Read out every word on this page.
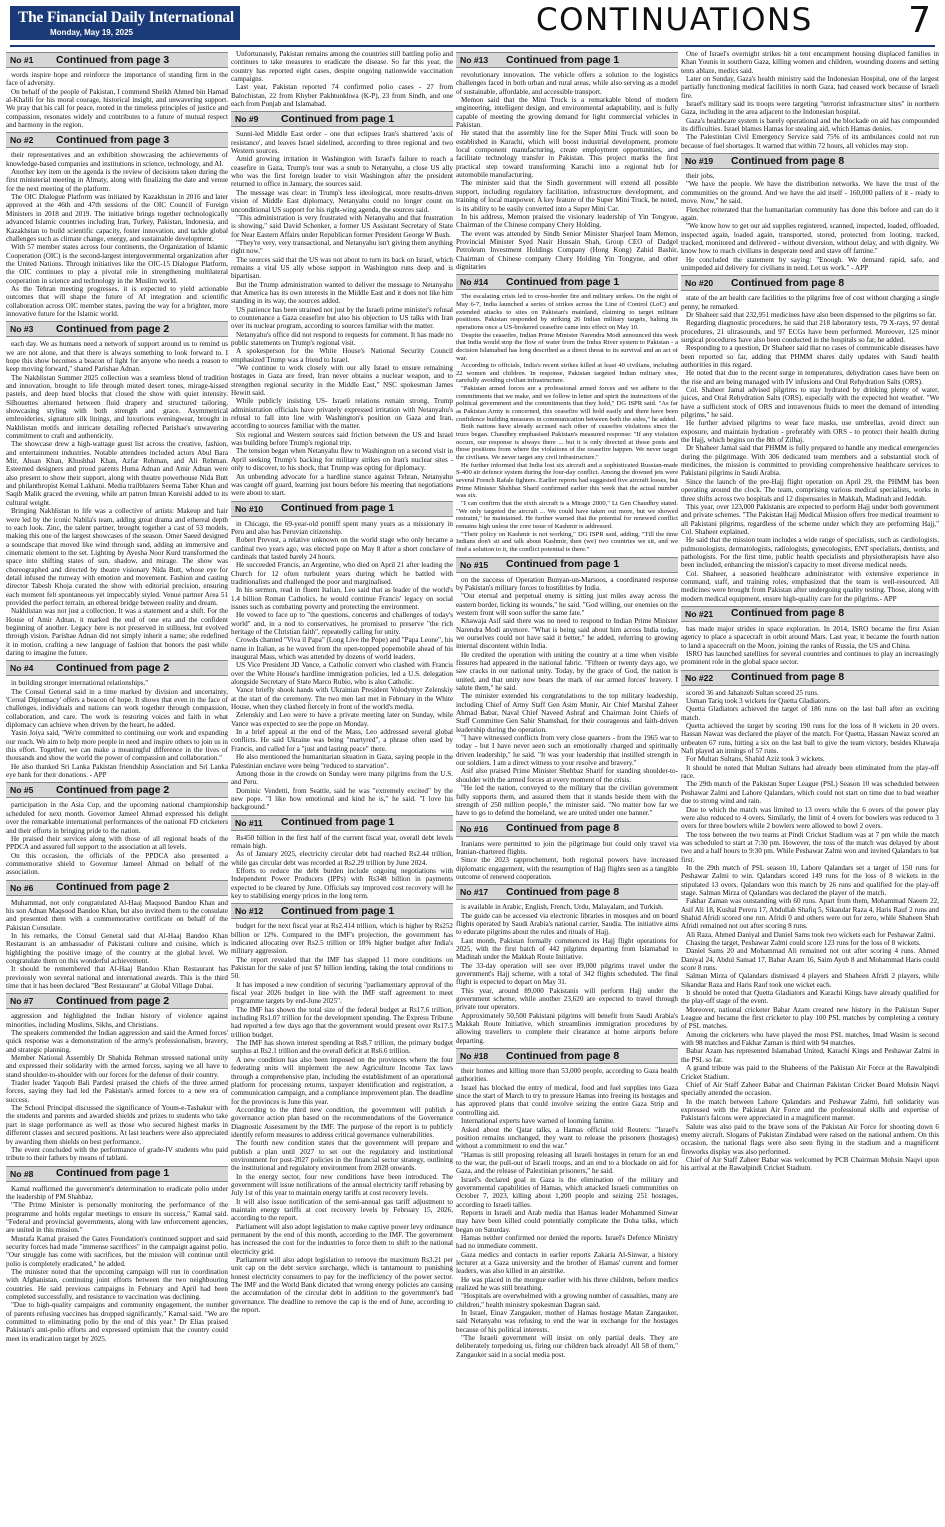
The Financial Daily International
Monday, May 19, 2025	CONTINUATIONS	7
No #1	Continued from page 3

words inspire hope and reinforce the importance of standing firm in the face of adversity.

On behalf of the people of Pakistan, I commend Sheikh Ahmed bin Hamad al-Khalili for his moral courage, historical insight, and unwavering support. We pray that his call for peace, rooted in the timeless principles of justice and compassion, resonates widely and contributes to a future of mutual respect and harmony in the region.

No #2	Continued from page 3

their representatives and an exhibition showcasing the achievements of knowledge-based companies and institutions in science, technology, and AI.

Another key item on the agenda is the review of decisions taken during the first ministerial meeting in Almaty, along with finalizing the date and venue for the next meeting of the platform.

The OIC Dialogue Platform was initiated by Kazakhstan in 2016 and later approved at the 46th and 47th sessions of the OIC Council of Foreign Ministers in 2018 and 2019. The initiative brings together technologically advanced Islamic countries including Iran, Turkey, Pakistan, Indonesia, and Kazakhstan to build scientific capacity, foster innovation, and tackle global challenges such as climate change, energy, and sustainable development.

With 57 member states across four continents, the Organization of Islamic Cooperation (OIC) is the second-largest intergovernmental organization after the United Nations. Through initiatives like the OIC-15 Dialogue Platform, the OIC continues to play a pivotal role in strengthening multilateral cooperation in science and technology in the Muslim world.

As the Tehran meeting progresses, it is expected to yield actionable outcomes that will shape the future of AI integration and scientific collaboration across OIC member states, paving the way for a brighter, more innovative future for the Islamic world.

No #3	Continued from page 2

each day. We as humans need a network of support around us to remind us we are not alone, and that there is always something to look forward to. I hope this show becomes a beacon of light for anyone who needs a reason to keep moving forward," shared Parishae Adnan.

The Nakhlistan Summer 2025 collection was a seamless blend of tradition and innovation, brought to life through muted desert tones, mirage-kissed pastels, and deep hued blocks that closed the show with quiet intensity. Silhouettes alternated between fluid drapery and structured tailoring, showcasing styling with both strength and grace. Asymmetrical embroideries, signature silk linings, and luxurious eveningwear, brought in Nakhlistan motifs and intricate detailing reflected Parishae's unwavering commitment to craft and authenticity.

The showcase drew a high-wattage guest list across the creative, fashion, and entertainment industries. Notable attendees included actors Abul Bara Mir, Ahsan Khan, Khushhal Khan, Azfar Rehman, and Ali Rehman. Esteemed designers and proud parents Huma Adnan and Amir Adnan were also present to show their support, along with theatre powerhouse Nida Butt and philanthropist Kemal Lakhani. Media trailblazers Seema Taher Khan and Saqib Malik graced the evening, while art patron Imran Kureishi added to its cultural weight.

Bringing Nakhlistan to life was a collective of artists: Makeup and hair were led by the iconic Nabila's team, adding great drama and ethereal depth to each look. Zinc, the talent partner, brought together a cast of 53 models, making this one of the largest showcases of the season. Omer Saeed designed a soundscape that moved like wind through sand, adding an immersive and cinematic element to the set. Lighting by Ayesha Noor Kurd transformed the space into shifting states of sun, shadow, and mirage. The show was choreographed and directed by theatre visionary Nida Butt, whose eye for detail infused the runway with emotion and movement. Fashion and casting director Tabesh Khoja curated the show with editorial precision, ensuring each moment felt spontaneous yet impeccably styled. Venue partner Area 51 provided the perfect terrain, an ethereal bridge between reality and dream.

Nakhlistan was not just a collection. It was a statement and a shift. For the House of Amir Adnan, it marked the end of one era and the confident beginning of another. Legacy here is not preserved in stillness, but evolved through vision. Parishae Adnan did not simply inherit a name; she redefined it in motion, crafting a new language of fashion that honors the past while daring to imagine the future.

No #4	Continued from page 2

in building stronger international relationships."

The Consul General said in a time marked by division and uncertainty, 'Cereal Diplomacy' offers a beacon of hope. It shows that even in the face of challenges, individuals and nations can work together through compassion, collaboration, and care. The work is restoring voices and faith in what diplomacy can achieve when driven by the heart, he added.

Yasin Joiya said, "We're committed to continuing our work and expanding our reach. We aim to help more people in need and inspire others to join us in this effort. Together, we can make a meaningful difference in the lives of thousands and show the world the power of compassion and collaboration."

He also thanked Sri Lanka Pakistan friendship Association and Sri Lanka eye bank for their donations. - APP

No #5	Continued from page 2

participation in the Asia Cup, and the upcoming national championship scheduled for next month. Governor Jameel Ahmad expressed his delight over the remarkable international performances of the national FD cricketers and their efforts in bringing pride to the nation.

He praised their services along with those of all regional heads of the PPDCA and assured full support to the association at all levels.

On this occasion, the officials of the PPDCA also presented a commemorative shield to Governor Jameel Ahmad on behalf of the association.

No #6	Continued from page 2

Muhammad, not only congratulated Al-Haaj Maqsood Bandoo Khan and his son Adnan Maqsood Bandoo Khan, but also invited them to the consulate and presented them with a commemorative certificate on behalf of the Pakistan Consulate.

In his remarks, the Consul General said that Al-Haaj Bandoo Khan Restaurant is an ambassador of Pakistani culture and cuisine, which is highlighting the positive image of the country at the global level. We congratulate them on this wonderful achievement.

It should be remembered that Al-Haaj Bandoo Khan Restaurant has previously won several national and international awards. This is the third time that it has been declared "Best Restaurant" at Global Village Dubai.

No #7	Continued from page 2

aggression and highlighted the Indian history of violence against minorities, including Muslims, Sikhs, and Christians.

The speakers commended the Indian aggression and said the Armed forces' quick response was a demonstration of the army's professionalism, bravery, and strategic planning.

Member National Assembly Dr Shahida Rehman stressed national unity and expressed their solidarity with the armed forces, saying we all have to stand shoulder-to-shoulder with our forces for the defense of their country.

Trader leader Yaqoob Bali Pardesi praised the chiefs of the three armed forces, saying they had led the Pakistan's armed forces to a new era of success.

The School Principal discussed the significance of Youm-e-Tashakur with the students and parents and awarded shields and prizes to students who take part in stage performance as well as those who secured highest marks in different classes and secured positions. At last teachers were also appreciated by awarding them shields on best performance.

The event concluded with the performance of grade-IV students who paid tribute to their fathers by means of tablani.

No #8	Continued from page 1

Kamal reaffirmed the government's determination to eradicate polio under the leadership of PM Shahbaz.

"The Prime Minister is personally monitoring the performance of the programme and holds regular meetings to ensure its success," Kamal said. "Federal and provincial governments, along with law enforcement agencies, are united in this mission."

Mustafa Kamal praised the Gates Foundation's continued support and said security forces had made "immense sacrifices" in the campaign against polio. "Our struggle has come with sacrifices, but the mission will continue until polio is completely eradicated," he added.

The minister noted that the upcoming campaign will run in coordination with Afghanistan, continuing joint efforts between the two neighbouring countries. He said previous campaigns in February and April had been completed successfully, and resistance to vaccination was declining.

"Due to high-quality campaigns and community engagement, the number of parents refusing vaccines has dropped significantly," Kamal said. "We are committed to eliminating polio by the end of this year." Dr Elias praised Pakistan's anti-polio efforts and expressed optimism that the country could meet its eradication target by 2025.

Unfortunately, Pakistan remains among the countries still battling polio and continues to take measures to eradicate the disease. So far this year, the country has reported eight cases, despite ongoing nationwide vaccination campaigns.

Last year, Pakistan reported 74 confirmed polio cases - 27 from Balochistan, 22 from Khyber Pakhtunkhwa (K-P), 23 from Sindh, and one each from Punjab and Islamabad.

No #9	Continued from page 1

Sunni-led Middle East order - one that eclipses Iran's shattered 'axis of resistance', and leaves Israel sidelined, according to three regional and two Western sources.

Amid growing irritation in Washington with Israel's failure to reach a ceasefire in Gaza, Trump's tour was a snub to Netanyahu, a close US ally who was the first foreign leader to visit Washington after the president returned to office in January, the sources said.

The message was clear: in Trump's less ideological, more results-driven vision of Middle East diplomacy, Netanyahu could no longer count on unconditional US support for his right-wing agenda, the sources said.

"This administration is very frustrated with Netanyahu and that frustration is showing," said David Schenker, a former US Assistant Secretary of State for Near Eastern Affairs under Republican former President George W Bush.

"They're very, very transactional, and Netanyahu isn't giving them anything right now."

The sources said that the US was not about to turn its back on Israel, which remains a vital US ally whose support in Washington runs deep and is bipartisan.

But the Trump administration wanted to deliver the message to Netanyahu that America has its own interests in the Middle East and it does not like him standing in its way, the sources added.

US patience has been strained not just by the Israeli prime minister's refusal to countenance a Gaza ceasefire but also his objection to US talks with Iran over its nuclear program, according to sources familiar with the matter.

Netanyahu's office did not respond to requests for comment. It has made no public statements on Trump's regional visit.

A spokesperson for the White House's National Security Council emphasized Trump was a friend to Israel.

"We continue to work closely with our ally Israel to ensure remaining hostages in Gaza are freed, Iran never obtains a nuclear weapon, and to strengthen regional security in the Middle East," NSC spokesman James Hewitt said.

While publicly insisting US- Israeli relations remain strong, Trump administration officials have privately expressed irritation with Netanyahu's refusal to fall into line with Washington's position on Gaza and Iran, according to sources familiar with the matter.

Six regional and Western sources said friction between the US and Israel was building before Trump's regional trip.

The tension began when Netanyahu flew to Washington on a second visit in April seeking Trump's backing for military strikes on Iran's nuclear sites - only to discover, to his shock, that Trump was opting for diplomacy.

An unbending advocate for a hardline stance against Tehran, Netanyahu was caught off guard, learning just hours before his meeting that negotiations were about to start.

No #10	Continued from page 1

in Chicago, the 69-year-old pontiff spent many years as a missionary in Peru and also has Peruvian citizenship.

Robert Prevost, a relative unknown on the world stage who only became a cardinal two years ago, was elected pope on May 8 after a short conclave of cardinals that lasted barely 24 hours.

He succeeded Francis, an Argentine, who died on April 21 after leading the Church for 12 often turbulent years during which he battled with traditionalists and challenged the poor and marginalised.

In his sermon, read in fluent Italian, Leo said that as leader of the world's 1.4 billion Roman Catholics, he would continue Francis' legacy on social issues such as combating poverty and protecting the environment.

He vowed to face up to "the questions, concerns and challenges of today's world" and, in a nod to conservatives, he promised to preserve "the rich heritage of the Christian faith", repeatedly calling for unity.

Crowds chanted "Viva il Papa" (Long Live the Pope) and "Papa Leone", his name in Italian, as he waved from the open-topped popemobile ahead of his inaugural Mass, which was attended by dozens of world leaders.

US Vice President JD Vance, a Catholic convert who clashed with Francis over the White House's hardline immigration policies, led a U.S. delegation alongside Secretary of State Marco Rubio, who is also Catholic.

Vance briefly shook hands with Ukrainian President Volodymyr Zelenskiy at the start of the ceremony. The two men last met in February in the White House, when they clashed fiercely in front of the world's media.

Zelenskiy and Leo were to have a private meeting later on Sunday, while Vance was expected to see the pope on Monday.

In a brief appeal at the end of the Mass, Leo addressed several global conflicts. He said Ukraine was being "martyred", a phrase often used by Francis, and called for a "just and lasting peace" there.

He also mentioned the humanitarian situation in Gaza, saying people in the Palestinian enclave were being "reduced to starvation".

Among those in the crowds on Sunday were many pilgrims from the U.S. and Peru.

Dominic Vendetti, from Seattle, said he was "extremely excited" by the new pope. "I like how emotional and kind he is," he said. "I love his background."

No #11	Continued from page 1

Rs450 billion in the first half of the current fiscal year, overall debt levels remain high.

As of January 2025, electricity circular debt had reached Rs2.44 trillion, while gas circular debt was recorded at Rs2.29 trillion by June 2024.

Efforts to reduce the debt burden include ongoing negotiations with Independent Power Producers (IPPs) with Rs348 billion in payments expected to be cleared by June. Officials say improved cost recovery will be key to stabilising energy prices in the long term.

No #12	Continued from page 1

budget for the next fiscal year at Rs2.414 trillion, which is higher by Rs252 billion or 12%. Compared to the IMF's projection, the government has indicated allocating over Rs2.5 trillion or 18% higher budget after India's military aggression.

The report revealed that the IMF has slapped 11 more conditions on Pakistan for the sake of just $7 billion lending, taking the total conditions to 50.

It has imposed a new condition of securing "parliamentary approval of the fiscal year 2026 budget in line with the IMF staff agreement to meet programme targets by end-June 2025".

The IMF has shown the total size of the federal budget at Rs17.6 trillion, including Rs1.07 trillion for the development spending. The Express Tribune had reported a few days ago that the government would present over Rs17.5 trillion budget.

The IMF has shown interest spending at Rs8.7 trillion, the primary budget surplus at Rs2.1 trillion and the overall deficit at Rs6.6 trillion.

A new condition has also been imposed on the provinces where the four federating units will implement the new Agriculture Income Tax laws through a comprehensive plan, including the establishment of an operational platform for processing returns, taxpayer identification and registration, a communication campaign, and a compliance improvement plan. The deadline for the provinces is June this year.

According to the third new condition, the government will publish a governance action plan based on the recommendations of the Governance Diagnostic Assessment by the IMF. The purpose of the report is to publicly identify reform measures to address critical governance vulnerabilities.

The fourth new condition states that the government will prepare and publish a plan until 2027 to set out the regulatory and institutional environment for post-2027 policies in the financial sector strategy, outlining the institutional and regulatory environment from 2028 onwards.

In the energy sector, four new conditions have been introduced. The government will issue notifications of the annual electricity tariff rebasing by July 1st of this year to maintain energy tariffs at cost recovery levels.

It will also issue notification of the semi-annual gas tariff adjustment to maintain energy tariffs at cost recovery levels by February 15, 2026, according to the report.

Parliament will also adopt legislation to make captive power levy ordinance permanent by the end of this month, according to the IMF. The government has increased the cost for the industries to force them to shift to the national electricity grid.

Parliament will also adopt legislation to remove the maximum Rs3.21 per unit cap on the debt service surcharge, which is tantamount to punishing honest electricity consumers to pay for the inefficiency of the power sector. The IMF and the World Bank dictated that wrong energy policies are causing the accumulation of the circular debt in addition to the government's bad governance. The deadline to remove the cap is the end of June, according to the report.

No #13	Continued from page 1

revolutionary innovation. The vehicle offers a solution to the logistics challenges faced in both urban and rural areas, while also serving as a model of sustainable, affordable, and accessible transport.

Memon said that the Mini Truck is a remarkable blend of modern engineering, intelligent design, and environmental adaptability, and is fully capable of meeting the growing demand for light commercial vehicles in Pakistan.

He stated that the assembly line for the Super Mini Truck will soon be established in Karachi, which will boost industrial development, promote local component manufacturing, create employment opportunities, and facilitate technology transfer in Pakistan. This project marks the first practical step toward transforming Karachi into a regional hub for automobile manufacturing.

The minister said that the Sindh government will extend all possible support, including regulatory facilitation, infrastructure development, and training of local manpower. A key feature of the Super Mini Truck, he noted, is its ability to be easily converted into a Super Mini Car.

In his address, Memon praised the visionary leadership of Yin Tongyue, Chairman of the Chinese company Chery Holding.

The event was attended by Sindh Senior Minister Sharjeel Inam Memon, Provincial Minister Syed Nasir Hussain Shah, Group CEO of Dadgel Petroleum Investment Holdings Company (Hong Kong) Zahid Bashir, Chairman of Chinese company Chery Holding Yin Tongyue, and other dignitaries

No #14	Continued from page 1

The escalating crisis led to cross-border fire and military strikes. On the night of May 6-7, India launched a series of strikes across the Line of Control (LoC) and extended attacks to sites on Pakistan's mainland, claiming to target militant positions. Pakistan responded by striking 26 Indian military targets, halting its operations once a US-brokered ceasefire came into effect on May 10.

Despite the ceasefire, Indian Prime Minister Narendra Modi announced this week that India would stop the flow of water from the Indus River system to Pakistan - a decision Islamabad has long described as a direct threat to its survival and an act of war.

According to officials, India's recent strikes killed at least 40 civilians, including 22 women and children. In response, Pakistan targeted Indian military sites, carefully avoiding civilian infrastructure.

"Pakistan armed forces are a professional armed forces and we adhere to the commitments that we make, and we follow in letter and spirit the instructions of the political government and the commitments that they hold," DG ISPR said. "As far as Pakistan Army is concerned, this ceasefire will hold easily and there have been confidence building measures in communication between both the sides," he added.

Both nations have already accused each other of ceasefire violations since the truce began. Chaudhry emphasised Pakistan's measured response: "If any violation occurs, our response is always there ... but it is only directed at those posts and those positions from where the violations of the ceasefire happen. We never target the civilians. We never target any civil infrastructure."

He further informed that India lost six aircraft and a sophisticated Russian-made S-400 air defence system during the four-day conflict. Among the downed jets were several French Rafale fighters. Earlier reports had suggested five aircraft losses, but Prime Minister Shehbaz Sharif confirmed earlier this week that the actual number was six.

"I can confirm that the sixth aircraft is a Mirage 2000," Lt Gen Chaudhry stated. "We only targeted the aircraft ... We could have taken out more, but we showed restraint," he maintained. He further warned that the potential for renewed conflict remains high unless the core issue of Kashmir is addressed.

"Their policy on Kashmir is not working," DG ISPR said, adding, "Till the time Indians don't sit and talk about Kashmir, then (we) two countries we sit, and we find a solution to it, the conflict potential is there."

No #15	Continued from page 1

on the success of Operation Bunyan-un-Marsoos, a coordinated response by Pakistan's military forces to hostilities by India.

"Our eternal and perpetual enemy is sitting just miles away across the eastern border, licking its wounds," he said. "God willing, our enemies on the western front will soon suffer the same fate."

Khawaja Asif said there was no need to respond to Indian Prime Minister Narendra Modi anymore. "What is being said about him across India today, we ourselves could not have said it better," he added, referring to growing internal discontent within India.

He credited the operation with uniting the country at a time when visible fissures had appeared in the national fabric. "Fifteen or twenty days ago, we saw cracks in our national unity. Today, by the grace of God, the nation is united, and that unity now bears the mark of our armed forces' bravery. I salute them," he said.

The minister extended his congratulations to the top military leadership, including Chief of Army Staff Gen Asim Munir, Air Chief Marshal Zaheer Ahmad Babar, Naval Chief Naveed Ashraf and Chairman Joint Chiefs of Staff Committee Gen Sahir Shamshad, for their courageous and faith-driven leadership during the operation.

"I have witnessed conflicts from very close quarters - from the 1965 war to today - but I have never seen such an emotionally charged and spiritually driven leadership," he said. "It was your leadership that instilled strength in our soldiers. I am a direct witness to your resolve and bravery."

Asif also praised Prime Minister Shehbaz Sharif for standing shoulder-to-shoulder with the armed forces at every moment of the crisis.

"He led the nation, conveyed to the military that the civilian government fully supports them, and assured them that it stands beside them with the strength of 250 million people," the minister said. "No matter how far we have to go to defend the homeland, we are united under one banner."

No #16	Continued from page 8

Iranians were permitted to join the pilgrimage but could only travel via Iranian-chartered flights.

Since the 2023 rapprochement, both regional powers have increased diplomatic engagement, with the resumption of Hajj flights seen as a tangible outcome of renewed cooperation.

No #17	Continued from page 8

is available in Arabic, English, French, Urdu, Malayalam, and Turkish.

The guide can be accessed via electronic libraries in mosques and on board flights operated by Saudi Arabia's national carrier, Saudia. The initiative aims to educate pilgrims about the rules and rituals of Hajj.

Last month, Pakistan formally commenced its Hajj flight operations for 2025, with the first batch of 442 pilgrims departing from Islamabad to Madinah under the Makkah Route Initiative.

The 33-day operation will see over 89,000 pilgrims travel under the government's Hajj scheme, with a total of 342 flights scheduled. The final flight is expected to depart on May 31.

This year, around 89,000 Pakistanis will perform Hajj under the government scheme, while another 23,620 are expected to travel through private tour operators.

Approximately 50,500 Pakistani pilgrims will benefit from Saudi Arabia's Makkah Route Initiative, which streamlines immigration procedures by allowing travellers to complete their clearance at home airports before departing.

No #18	Continued from page 8

their homes and killing more than 53,000 people, according to Gaza health authorities.

Israel has blocked the entry of medical, food and fuel supplies into Gaza since the start of March to try to pressure Hamas into freeing its hostages and has approved plans that could involve seizing the entire Gaza Strip and controlling aid.

International experts have warned of looming famine.

Asked about the Qatar talks, a Hamas official told Reuters: "Israel's position remains unchanged, they want to release the prisoners (hostages) without a commitment to end the war."

"Hamas is still proposing releasing all Israeli hostages in return for an end to the war, the pull-out of Israeli troops, and an end to a blockade on aid for Gaza, and the release of Palestinian prisoners," he said.

Israel's declared goal in Gaza is the elimination of the military and governmental capabilities of Hamas, which attacked Israeli communities on October 7, 2023, killing about 1,200 people and seizing 251 hostages, according to Israeli tallies.

Reports in Israeli and Arab media that Hamas leader Mohammed Sinwar may have been killed could potentially complicate the Doha talks, which began on Saturday.

Hamas neither confirmed nor denied the reports. Israel's Defence Ministry had no immediate comment.

Gaza medics and contacts in earlier reports Zakaria Al-Sinwar, a history lecturer at a Gaza university and the brother of Hamas' current and former leaders, was also killed in an airstrike.

He was placed in the morgue earlier with his three children, before medics realized he was still breathing.

"Hospitals are overwhelmed with a growing number of casualties, many are children," health ministry spokesman Dagran said.

In Israel, Einav Zangauker, mother of Hamas hostage Matan Zangauker, said Netanyahu was refusing to end the war in exchange for the hostages because of his political interests.

"The Israeli government will insist on only partial deals. They are deliberately torpedoing us, firing our children back already! All 58 of them," Zangauker said in a social media post.

One of Israel's overnight strikes hit a tent encampment housing displaced families in Khan Younis in southern Gaza, killing women and children, wounding dozens and setting tents ablaze, medics said.

Later on Sunday, Gaza's health ministry said the Indonesian Hospital, one of the largest partially functioning medical facilities in north Gaza, had ceased work because of Israeli fire.

Israel's military said its troops were targeting "terrorist infrastructure sites" in northern Gaza, including in the area adjacent to the Indonesian hospital.

Gaza's healthcare system is barely operational and the blockade on aid has compounded its difficulties. Israel blames Hamas for stealing aid, which Hamas denies.

The Palestinian Civil Emergency Service said 75% of its ambulances could not run because of fuel shortages. It warned that within 72 hours, all vehicles may stop.

No #19	Continued from page 8

their jobs.

"We have the people. We have the distribution networks. We have the trust of the communities on the ground. And we have the aid itself - 160,000 pallets of it - ready to move. Now," he said.

Fletcher reiterated that the humanitarian community has done this before and can do it again.

"We know how to get our aid supplies registered, scanned, inspected, loaded, offloaded, inspected again, loaded again, transported, stored, protected from looting, tracked, tracked, monitored and delivered - without diversion, without delay, and with dignity. We know how to reach civilians in desperate need and stave off famine."

He concluded the statement by saying: "Enough. We demand rapid, safe, and unimpeded aid delivery for civilians in need. Let us work." - APP

No #20	Continued from page 8

state of the art health care facilities to the pilgrims free of cost without charging a single penny, he remarked.

Dr Shaheer said that 232,951 medicines have also been dispensed to the pilgrims so far.

Regarding diagnostic procedures, he said that 218 laboratory tests, 79 X-rays, 97 dental procedures, 21 ultrasounds, and 97 ECGs have been performed. Moreover, 125 minor surgical procedures have also been conducted in the hospitals so far, he added.

Responding to a question, Dr Shaheer said that no cases of communicable diseases have been reported so far, adding that PHMM shares daily updates with Saudi health authorities in this regard.

He noted that due to the recent surge in temperatures, dehydration cases have been on the rise and are being managed with IV infusions and Oral Rehydration Salts (ORS).

Col. Shaheer Jamal advised pilgrims to stay hydrated by drinking plenty of water, juices, and Oral Rehydration Salts (ORS), especially with the expected hot weather. "We have a sufficient stock of ORS and intravenous fluids to meet the demand of intending pilgrims," he said.

He further advised pilgrims to wear face masks, use umbrellas, avoid direct sun exposure, and maintain hydration - preferably with ORS - to protect their health during the Hajj, which begins on the 8th of Zilhaj.

Dr Shaheer Jamal said that PHMM is fully prepared to handle any medical emergencies during the pilgrimage. With 306 dedicated team members and a substantial stock of medicines, the mission is committed to providing comprehensive healthcare services to Pakistani pilgrims in Saudi Arabia.

Since the launch of the pre-Hajj flight operation on April 29, the PHMM has been operating around the clock. The team, comprising various medical specialists, works in three shifts across two hospitals and 12 dispensaries in Makkah, Madinah and Jeddah.

This year, over 123,000 Pakistanis are expected to perform Hajj under both government and private schemes. "The Pakistan Hajj Medical Mission offers free medical treatment to all Pakistani pilgrims, regardless of the scheme under which they are performing Hajj," Col. Shaheer explained.

He said that the mission team includes a wide range of specialists, such as cardiologists, pulmonologists, dermatologists, radiologists, gynecologists, ENT specialists, dentists, and pathologists. For the first time, public health specialists and physiotherapists have also been included, enhancing the mission's capacity to meet diverse medical needs.

Col. Shaheer, a seasoned healthcare administrator with extensive experience in command, staff, and training roles, emphasized that the team is well-resourced. All medicines were brought from Pakistan after undergoing quality testing. Those, along with modern medical equipment, ensure high-quality care for the pilgrims.- APP

No #21	Continued from page 8

has made major strides in space exploration. In 2014, ISRO became the first Asian agency to place a spacecraft in orbit around Mars. Last year, it became the fourth nation to land a spacecraft on the Moon, joining the ranks of Russia, the US and China.

ISRO has launched satellites for several countries and continues to play an increasingly prominent role in the global space sector.

No #22	Continued from page 8

scored 36 and Jahanzeb Sultan scored 25 runs.

Usman Tariq took 3 wickets for Quetta Gladiators.

Quetta Gladiators achieved the target of 186 runs on the last ball after an exciting match.

Quetta achieved the target by scoring 190 runs for the loss of 8 wickets in 20 overs. Hassan Nawaz was declared the player of the match. For Quetta, Hassan Nawaz scored an unbeaten 67 runs, hitting a six on the last ball to give the team victory, besides Khawaja Nafi played an innings of 57 runs.

For Multan Sultans, Shahid Aziz took 3 wickets.

It should be noted that Multan Sultans had already been eliminated from the play-off race.

The 29th match of the Pakistan Super League (PSL) Season 10 was scheduled between Peshawar Zalmi and Lahore Qalandars, which could not start on time due to bad weather due to strong wind and rain.

Due to which the match was limited to 13 overs while the 6 overs of the power play were also reduced to 4 overs. Similarly, the limit of 4 overs for bowlers was reduced to 3 overs for three bowlers while 2 bowlers were allowed to bowl 2 overs.

The toss between the two teams at Pindi Cricket Stadium was at 7 pm while the match was scheduled to start at 7:30 pm. However, the toss of the match was delayed by about two and a half hours to 9:30 pm. While Peshawar Zalmi won and invited Qalandars to bat first.

In the 29th match of PSL season 10, Lahore Qalandars set a target of 150 runs for Peshawar Zalmi to win. Qalandars scored 149 runs for the loss of 8 wickets in the stipulated 13 overs. Qalandars won this match by 26 runs and qualified for the play-off stage. Salman Mirza of Qalandars was declared the player of the match.

Fakhar Zaman was outstanding with 60 runs. Apart from them, Mohammad Naeem 22, Asif Ali 18, Kushal Perera 17, Abdullah Shafiq 5, Sikandar Raza 4, Haris Rauf 2 runs and Shahid Afridi scored one run. Afridi 0 and others were out for zero, while Shaheen Shah Afridi remained not out after scoring 8 runs.

Ali Raza, Ahmed Daniyal and Daniel Sams took two wickets each for Peshawar Zalmi.

Chasing the target, Peshawar Zalmi could score 123 runs for the loss of 8 wickets.

Daniel Sams 20 and Mohammad Ali remained not out after scoring 4 runs. Ahmed Daniyal 24, Abdul Samad 17, Babar Azam 16, Saim Ayub 8 and Mohammad Haris could score 8 runs.

Salman Mirza of Qalandars dismissed 4 players and Shaheen Afridi 2 players, while Sikandar Raza and Haris Rauf took one wicket each.

It should be noted that Quetta Gladiators and Karachi Kings have already qualified for the play-off stage of the event.

Moreover, national cricketer Babar Azam created new history in the Pakistan Super League and became the first cricketer to play 100 PSL matches by completing a century of PSL matches.

Among the cricketers who have played the most PSL matches, Imad Wasim is second with 98 matches and Fakhar Zaman is third with 94 matches.

Babar Azam has represented Islamabad United, Karachi Kings and Peshawar Zalmi in the PSL so far.

A grand tribute was paid to the Shaheens of the Pakistan Air Force at the Rawalpindi Cricket Stadium.

Chief of Air Staff Zaheer Babar and Chairman Pakistan Cricket Board Mohsin Naqvi specially attended the occasion.

In the match between Lahore Qalandars and Peshawar Zalmi, full solidarity was expressed with the Pakistan Air Force and the professional skills and expertise of Pakistan's falcons were appreciated in a magnificent manner.

Salute was also paid to the brave sons of the Pakistan Air Force for shooting down 6 enemy aircraft. Slogans of Pakistan Zindabad were raised on the national anthem. On this occasion, the national flags were also seen flying in the stadium and a magnificent fireworks display was also performed.

Chief of Air Staff Zaheer Babar was welcomed by PCB Chairman Mohsin Naqvi upon his arrival at the Rawalpindi Cricket Stadium.
